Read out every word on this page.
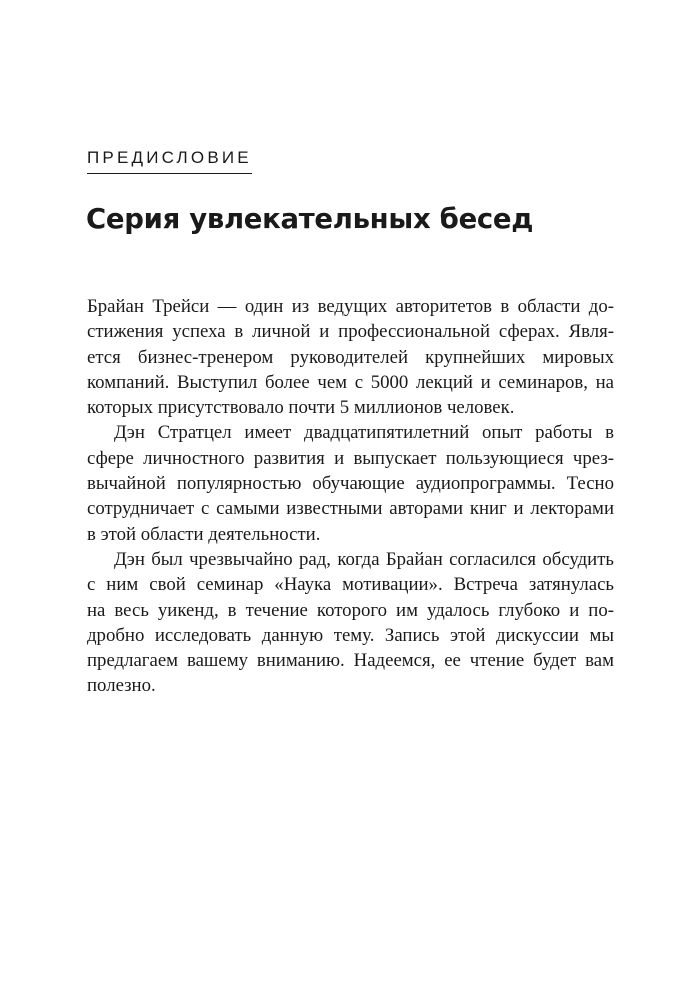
ПРЕДИСЛОВИЕ
Серия увлекательных бесед
Брайан Трейси — один из ведущих авторитетов в области до-
стижения успеха в личной и профессиональной сферах. Явля-
ется бизнес-тренером руководителей крупнейших мировых
компаний. Выступил более чем с 5000 лекций и семинаров, на
которых присутствовало почти 5 миллионов человек.
Дэн Стратцел имеет двадцатипятилетний опыт работы в
сфере личностного развития и выпускает пользующиеся чрез-
вычайной популярностью обучающие аудиопрограммы. Тесно
сотрудничает с самыми известными авторами книг и лекторами
в этой области деятельности.
Дэн был чрезвычайно рад, когда Брайан согласился обсудить
с ним свой семинар «Наука мотивации». Встреча затянулась
на весь уикенд, в течение которого им удалось глубоко и по-
дробно исследовать данную тему. Запись этой дискуссии мы
предлагаем вашему вниманию. Надеемся, ее чтение будет вам
полезно.
